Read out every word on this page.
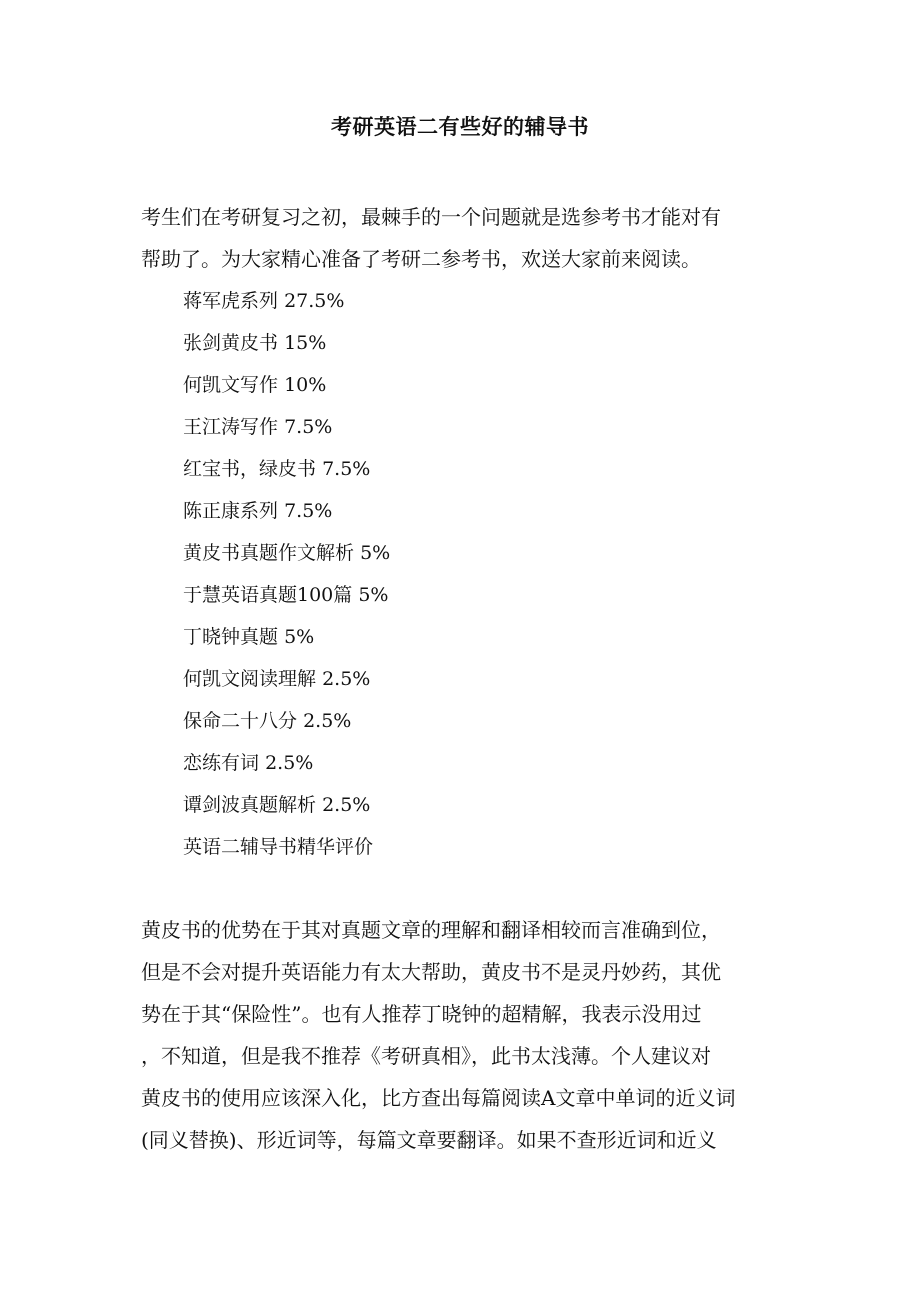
考研英语二有些好的辅导书
考生们在考研复习之初，最棘手的一个问题就是选参考书才能对有
帮助了。为大家精心准备了考研二参考书，欢送大家前来阅读。
蒋军虎系列 27.5%
张剑黄皮书 15%
何凯文写作 10%
王江涛写作 7.5%
红宝书，绿皮书 7.5%
陈正康系列 7.5%
黄皮书真题作文解析 5%
于慧英语真题100篇 5%
丁晓钟真题 5%
何凯文阅读理解 2.5%
保命二十八分 2.5%
恋练有词 2.5%
谭剑波真题解析 2.5%
英语二辅导书精华评价
黄皮书的优势在于其对真题文章的理解和翻译相较而言准确到位，
但是不会对提升英语能力有太大帮助，黄皮书不是灵丹妙药，其优
势在于其“保险性”。也有人推荐丁晓钟的超精解，我表示没用过
，不知道，但是我不推荐《考研真相》，此书太浅薄。个人建议对
黄皮书的使用应该深入化，比方查出每篇阅读A文章中单词的近义词
(同义替换)、形近词等，每篇文章要翻译。如果不查形近词和近义
